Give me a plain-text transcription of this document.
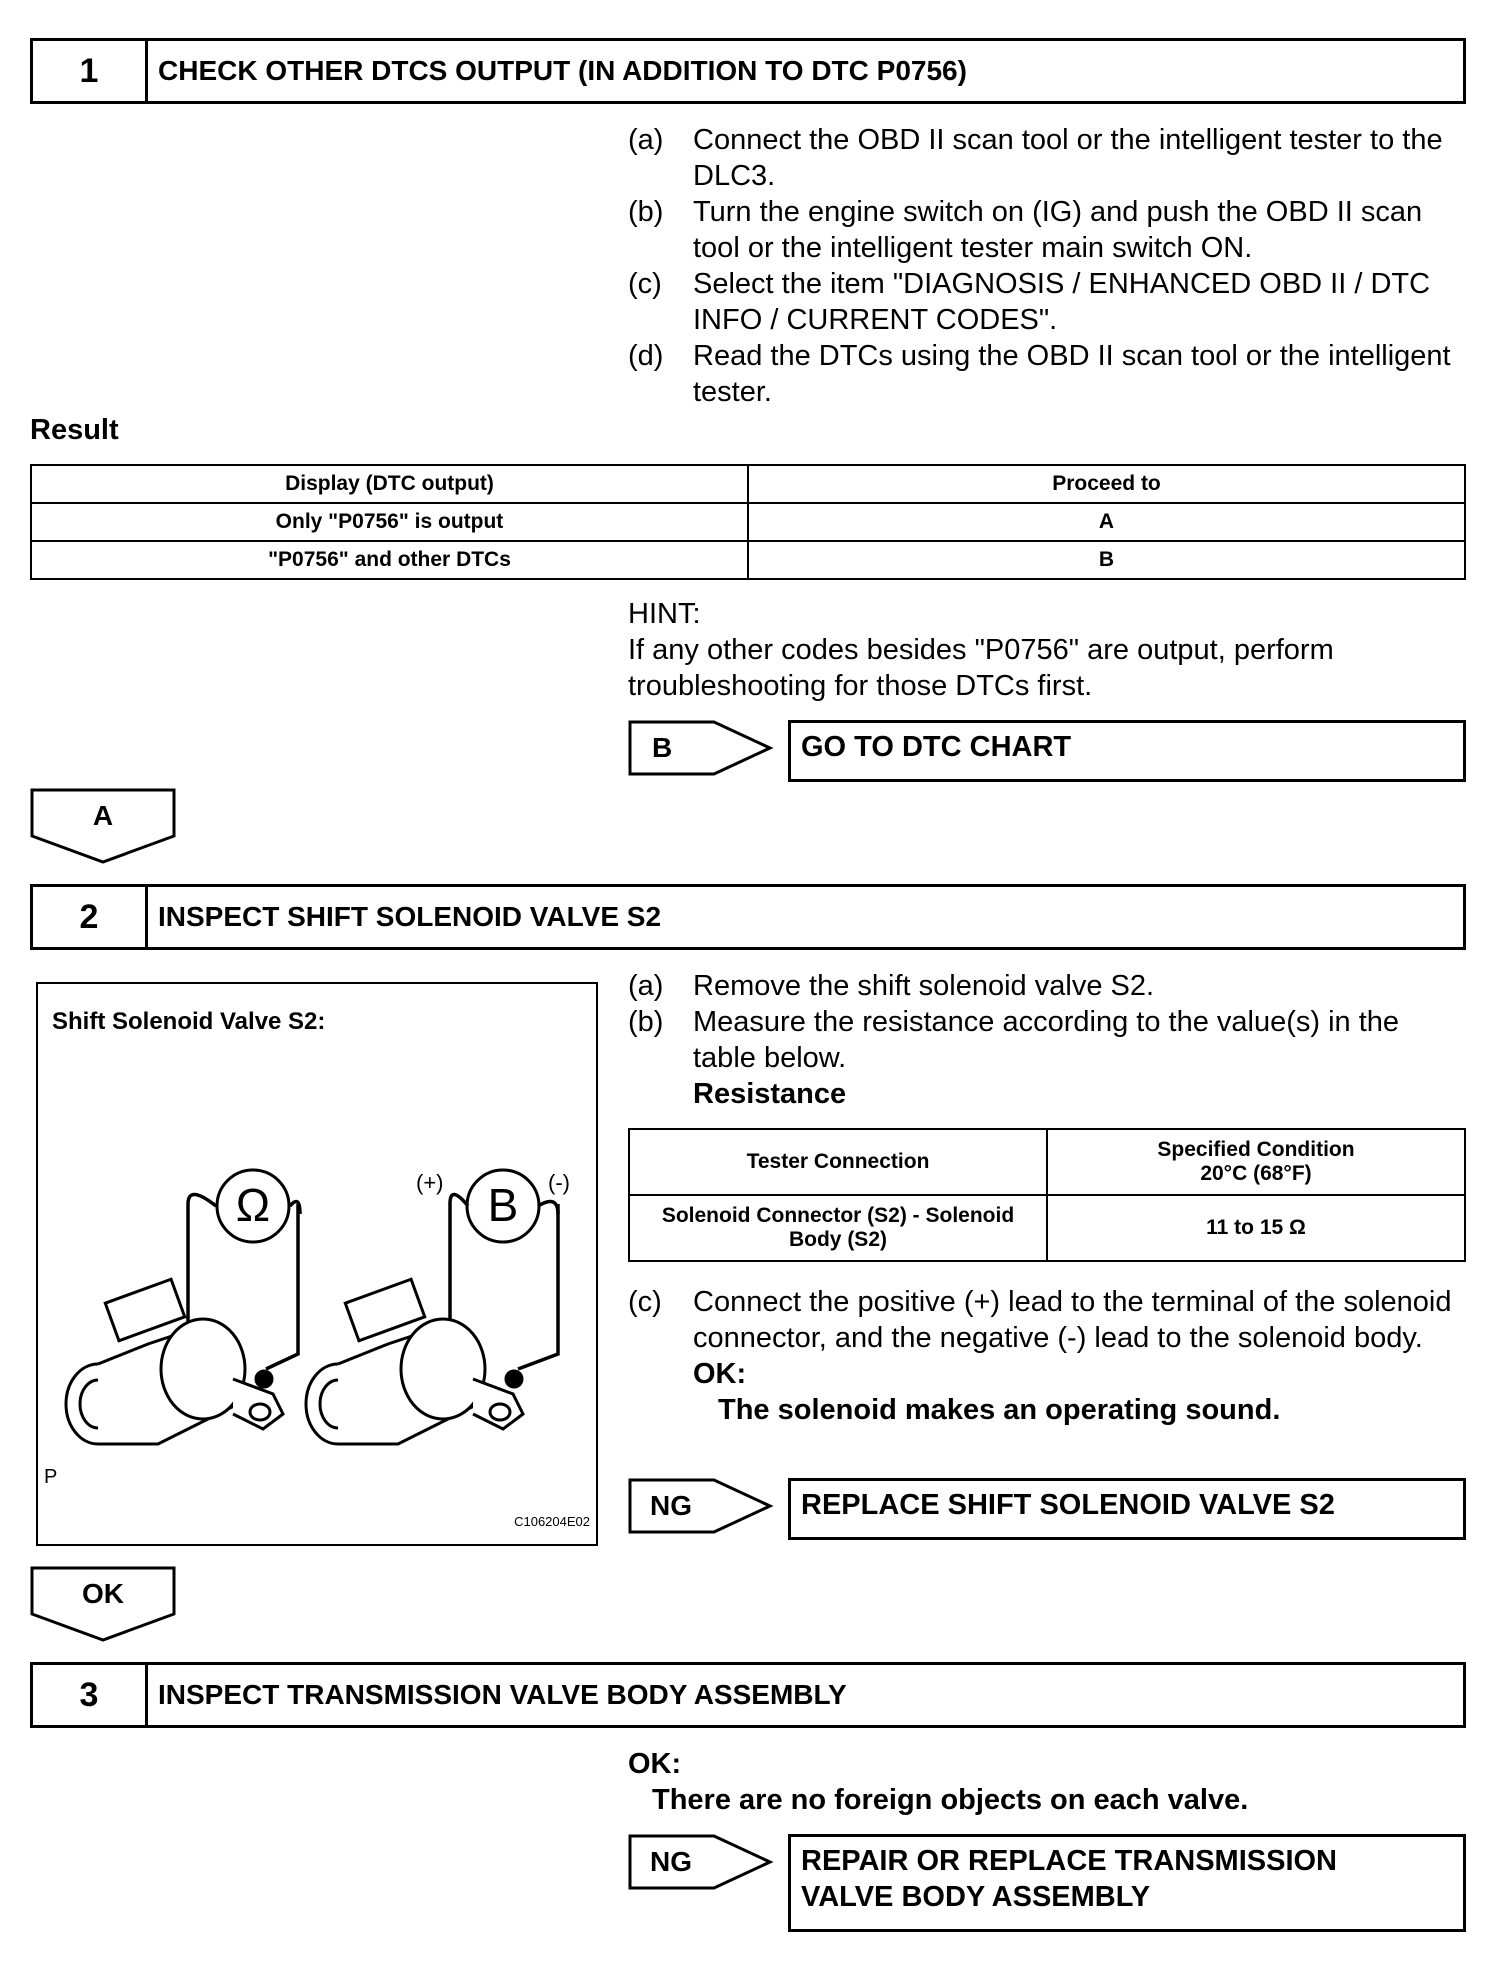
1	CHECK OTHER DTCS OUTPUT (IN ADDITION TO DTC P0756)
(a) Connect the OBD II scan tool or the intelligent tester to the DLC3.
(b) Turn the engine switch on (IG) and push the OBD II scan tool or the intelligent tester main switch ON.
(c) Select the item "DIAGNOSIS / ENHANCED OBD II / DTC INFO / CURRENT CODES".
(d) Read the DTCs using the OBD II scan tool or the intelligent tester.
Result
Display (DTC output)	Proceed to
Only "P0756" is output	A
"P0756" and other DTCs	B
HINT:
If any other codes besides "P0756" are output, perform troubleshooting for those DTCs first.
B	GO TO DTC CHART
A
2	INSPECT SHIFT SOLENOID VALVE S2
Shift Solenoid Valve S2:
Ω	B
(+)	(-)
P
C106204E02
(a) Remove the shift solenoid valve S2.
(b) Measure the resistance according to the value(s) in the table below.
Resistance
Tester Connection	Specified Condition
20°C (68°F)

Solenoid Connector (S2) - Solenoid Body (S2)	11 to 15 Ω
(c) Connect the positive (+) lead to the terminal of the solenoid connector, and the negative (-) lead to the solenoid body.
OK:
The solenoid makes an operating sound.
NG	REPLACE SHIFT SOLENOID VALVE S2
OK
3	INSPECT TRANSMISSION VALVE BODY ASSEMBLY
OK:
There are no foreign objects on each valve.
NG	REPAIR OR REPLACE TRANSMISSION
VALVE BODY ASSEMBLY
